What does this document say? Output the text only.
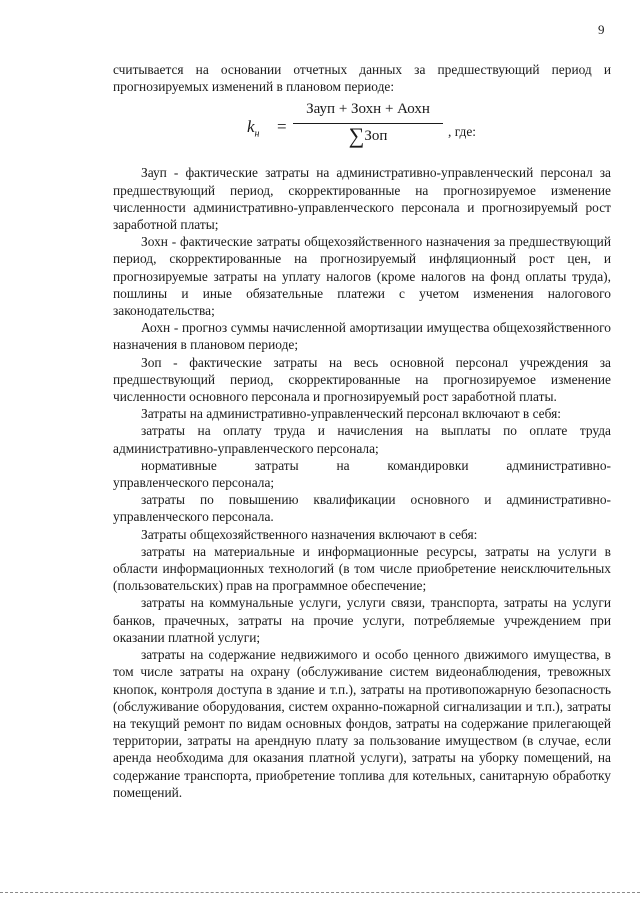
9

считывается на основании отчетных данных за предшествующий период и прогнозируемых изменений в плановом периоде:

$k_н$ =
Зауп + Зохн + Аохн
∑Зоп	, где:

Зауп - фактические затраты на административно-управленческий персонал за предшествующий период, скорректированные на прогнозируемое изменение численности административно-управленческого персонала и прогнозируемый рост заработной платы;

Зохн - фактические затраты общехозяйственного назначения за предшествующий период, скорректированные на прогнозируемый инфляционный рост цен, и прогнозируемые затраты на уплату налогов (кроме налогов на фонд оплаты труда), пошлины и иные обязательные платежи с учетом изменения налогового законодательства;

Аохн - прогноз суммы начисленной амортизации имущества общехозяйственного назначения в плановом периоде;

Зоп - фактические затраты на весь основной персонал учреждения за предшествующий период, скорректированные на прогнозируемое изменение численности основного персонала и прогнозируемый рост заработной платы.

Затраты на административно-управленческий персонал включают в себя:

затраты на оплату труда и начисления на выплаты по оплате труда административно-управленческого персонала;

нормативные	затраты	на	командировки	административно-

управленческого персонала;

затраты по повышению квалификации основного и административно-управленческого персонала.

Затраты общехозяйственного назначения включают в себя:

затраты на материальные и информационные ресурсы, затраты на услуги в области информационных технологий (в том числе приобретение неисключительных (пользовательских) прав на программное обеспечение;

затраты на коммунальные услуги, услуги связи, транспорта, затраты на услуги банков, прачечных, затраты на прочие услуги, потребляемые учреждением при оказании платной услуги;

затраты на содержание недвижимого и особо ценного движимого имущества, в том числе затраты на охрану (обслуживание систем видеонаблюдения, тревожных кнопок, контроля доступа в здание и т.п.), затраты на противопожарную безопасность (обслуживание оборудования, систем охранно-пожарной сигнализации и т.п.), затраты на текущий ремонт по видам основных фондов, затраты на содержание прилегающей территории, затраты на арендную плату за пользование имуществом (в случае, если аренда необходима для оказания платной услуги), затраты на уборку помещений, на содержание транспорта, приобретение топлива для котельных, санитарную обработку помещений.
